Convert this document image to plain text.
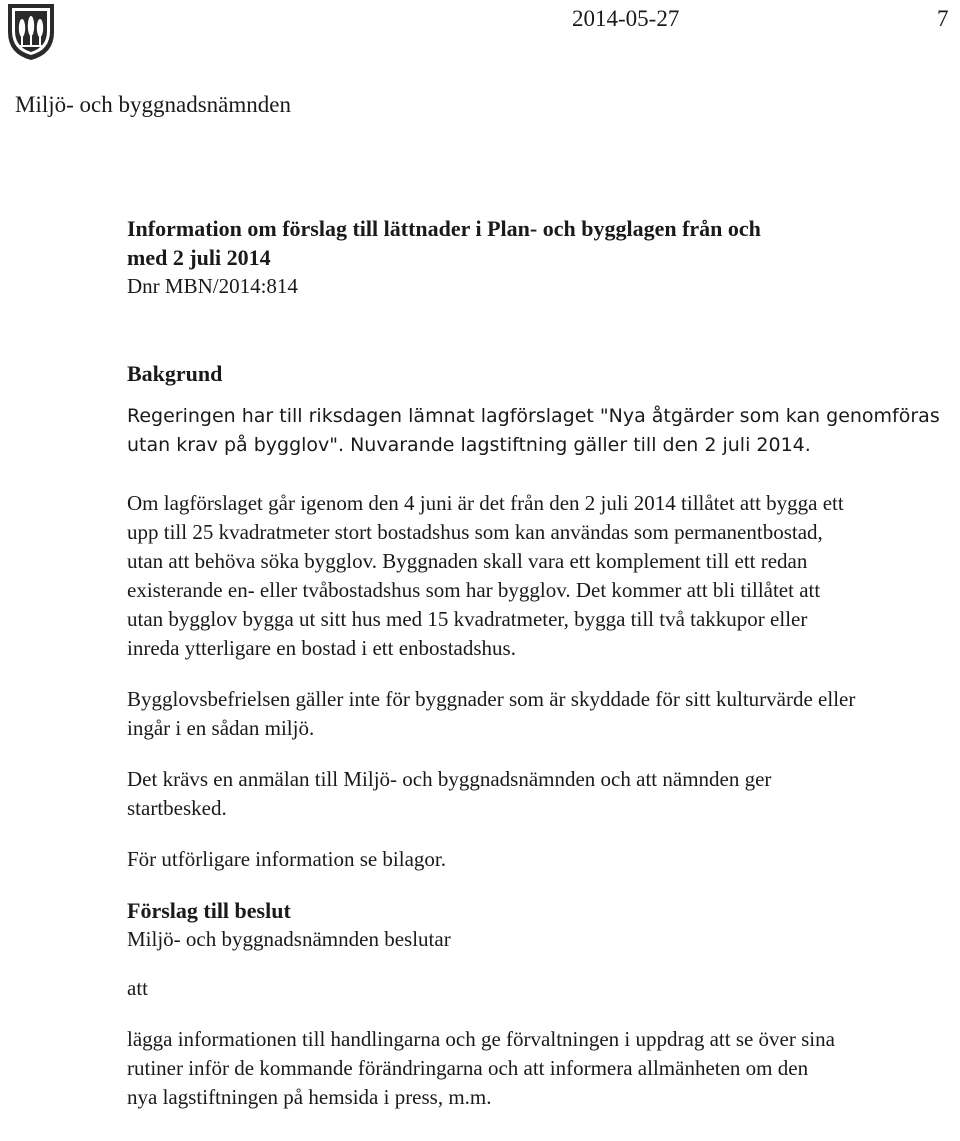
2014-05-27	7
Miljö- och byggnadsnämnden
Information om förslag till lättnader i Plan- och bygglagen från och
med 2 juli 2014
Dnr MBN/2014:814
Bakgrund
Regeringen har till riksdagen lämnat lagförslaget "Nya åtgärder som kan genomföras
utan krav på bygglov". Nuvarande lagstiftning gäller till den 2 juli 2014.
Om lagförslaget går igenom den 4 juni är det från den 2 juli 2014 tillåtet att bygga ett
upp till 25 kvadratmeter stort bostadshus som kan användas som permanentbostad,
utan att behöva söka bygglov. Byggnaden skall vara ett komplement till ett redan
existerande en- eller tvåbostadshus som har bygglov. Det kommer att bli tillåtet att
utan bygglov bygga ut sitt hus med 15 kvadratmeter, bygga till två takkupor eller
inreda ytterligare en bostad i ett enbostadshus.
Bygglovsbefrielsen gäller inte för byggnader som är skyddade för sitt kulturvärde eller
ingår i en sådan miljö.
Det krävs en anmälan till Miljö- och byggnadsnämnden och att nämnden ger
startbesked.
För utförligare information se bilagor.
Förslag till beslut
Miljö- och byggnadsnämnden beslutar
att
lägga informationen till handlingarna och ge förvaltningen i uppdrag att se över sina
rutiner inför de kommande förändringarna och att informera allmänheten om den
nya lagstiftningen på hemsida i press, m.m.
